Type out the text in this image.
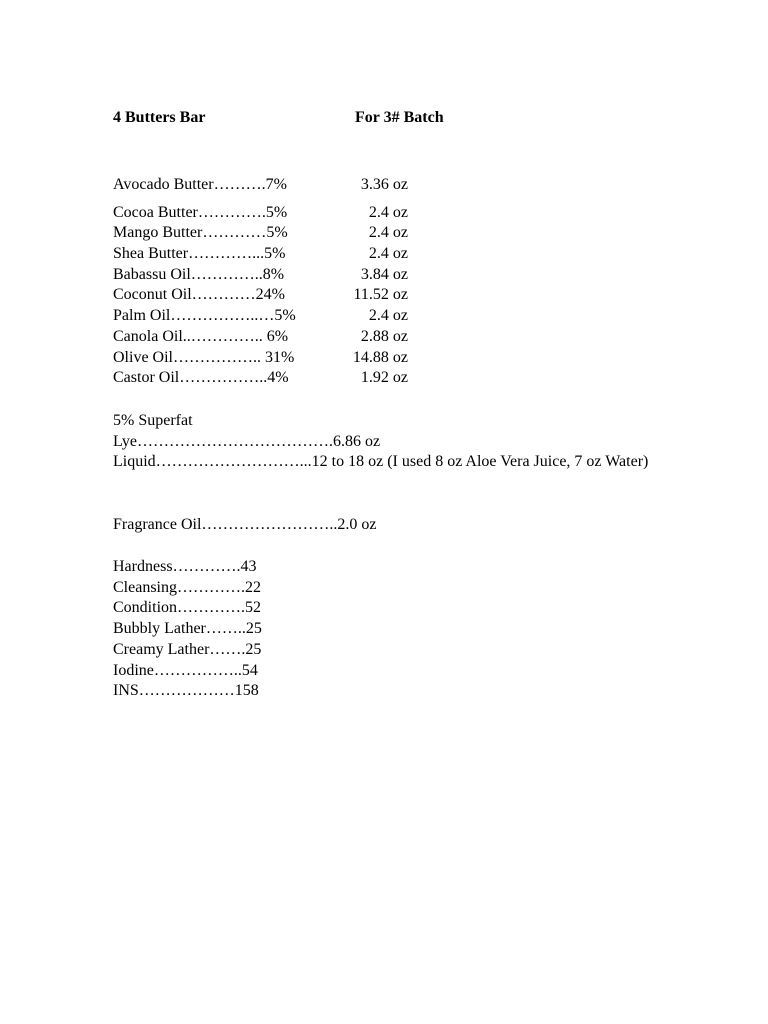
4 Butters Bar	For 3# Batch
Avocado Butter……….7%	3.36 oz
Cocoa Butter………….5%	2.4 oz
Mango Butter…………5%	2.4 oz
Shea Butter…………...5%	2.4 oz
Babassu Oil…………..8%	3.84 oz
Coconut Oil…………24%	11.52 oz
Palm Oil……………..…5%	2.4 oz
Canola Oil..………….. 6%	2.88 oz
Olive Oil…………….. 31%	14.88 oz
Castor Oil……………..4%	1.92 oz
5% Superfat
Lye……………………………….6.86 oz
Liquid………………………...12 to 18 oz (I used 8 oz Aloe Vera Juice, 7 oz Water)
Fragrance Oil……………………..2.0 oz
Hardness………….43
Cleansing………….22
Condition………….52
Bubbly Lather……..25
Creamy Lather…….25
Iodine……………..54
INS………………158
